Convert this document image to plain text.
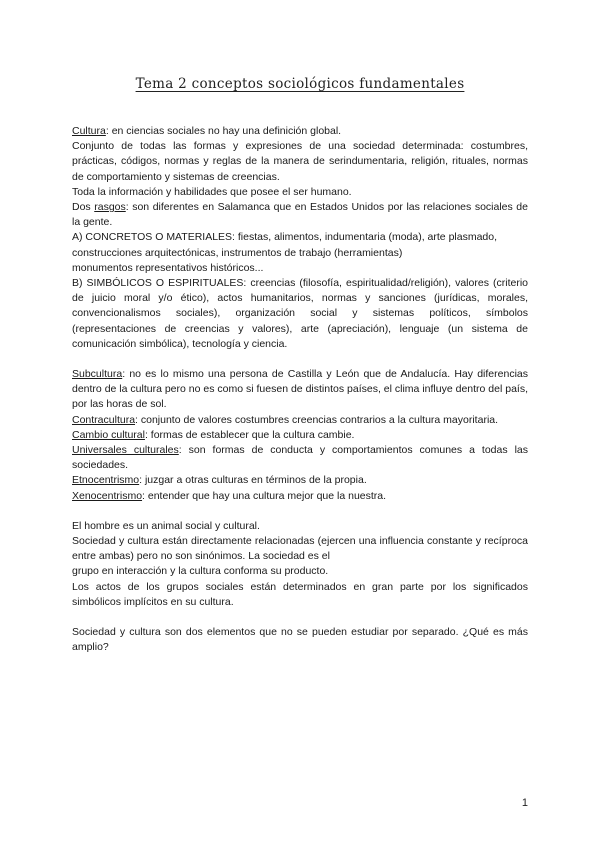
Tema 2 conceptos sociológicos fundamentales

Cultura: en ciencias sociales no hay una definición global.

Conjunto de todas las formas y expresiones de una sociedad determinada: costumbres, prácticas, códigos, normas y reglas de la manera de serindumentaria, religión, rituales, normas de comportamiento y sistemas de creencias.

Toda la información y habilidades que posee el ser humano.

Dos rasgos: son diferentes en Salamanca que en Estados Unidos por las relaciones sociales de la gente.

A) CONCRETOS O MATERIALES: fiestas, alimentos, indumentaria (moda), arte plasmado, construcciones arquitectónicas, instrumentos de trabajo (herramientas)

monumentos representativos históricos...

B) SIMBÓLICOS O ESPIRITUALES: creencias (filosofía, espiritualidad/religión), valores (criterio de juicio moral y/o ético), actos humanitarios, normas y sanciones (jurídicas, morales, convencionalismos sociales), organización social y sistemas políticos, símbolos (representaciones de creencias y valores), arte (apreciación), lenguaje (un sistema de comunicación simbólica), tecnología y ciencia.

Subcultura: no es lo mismo una persona de Castilla y León que de Andalucía. Hay diferencias dentro de la cultura pero no es como si fuesen de distintos países, el clima influye dentro del país, por las horas de sol.

Contracultura: conjunto de valores costumbres creencias contrarios a la cultura mayoritaria.

Cambio cultural: formas de establecer que la cultura cambie.

Universales culturales: son formas de conducta y comportamientos comunes a todas las sociedades.

Etnocentrismo: juzgar a otras culturas en términos de la propia.

Xenocentrismo: entender que hay una cultura mejor que la nuestra.

El hombre es un animal social y cultural.

Sociedad y cultura están directamente relacionadas (ejercen una influencia constante y recíproca entre ambas) pero no son sinónimos. La sociedad es el

grupo en interacción y la cultura conforma su producto.

Los actos de los grupos sociales están determinados en gran parte por los significados simbólicos implícitos en su cultura.

Sociedad y cultura son dos elementos que no se pueden estudiar por separado. ¿Qué es más amplio?

1
